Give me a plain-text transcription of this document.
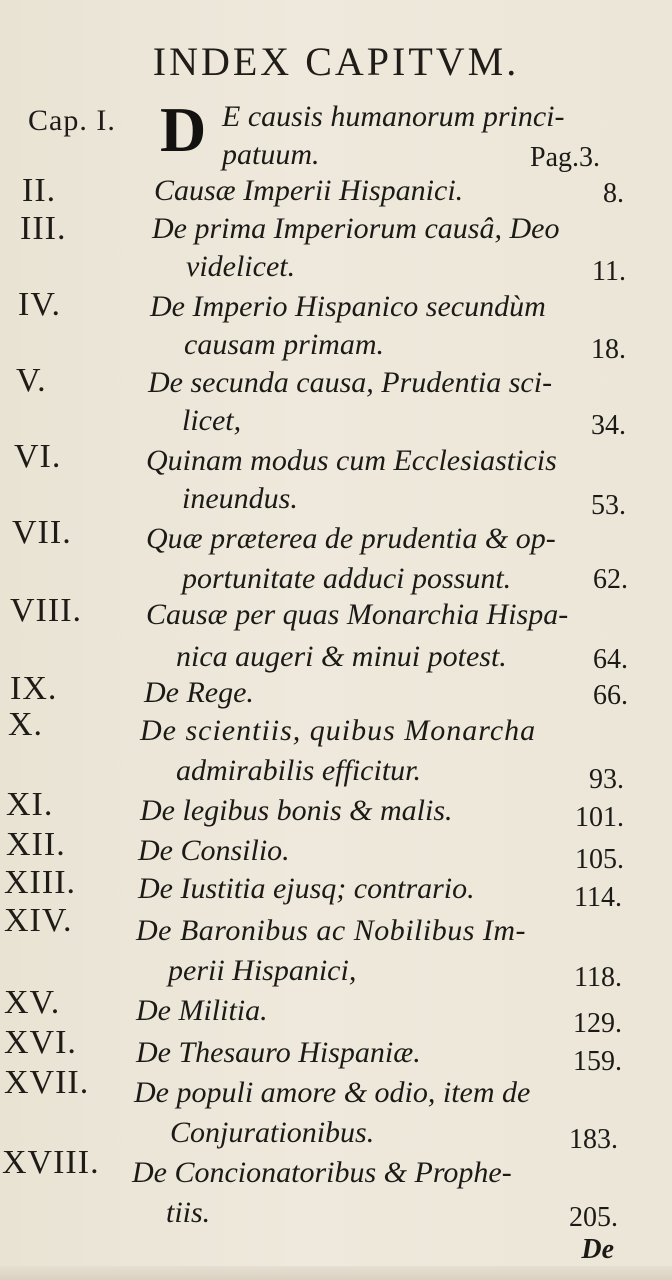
INDEX CAPITVM.
Cap. I. D E causis humanorum princi-
patuum.	Pag.3.
II.	Causæ Imperii Hispanici.	8.
III.	De prima Imperiorum causâ, Deo
videlicet.	11.
IV.	De Imperio Hispanico secundùm
causam primam.	18.
V.	De secunda causa, Prudentia sci-
licet,	34.
VI.	Quinam modus cum Ecclesiasticis
ineundus.	53.
VII. Quæ præterea de prudentia & op-
portunitate adduci possunt.	62.
VIII. Causæ per quas Monarchia Hispa-
nica augeri & minui potest.	64.
IX.	De Rege.	66.
X.	De scientiis, quibus Monarcha
admirabilis efficitur.	93.
XI.	De legibus bonis & malis.	101.
XII. De Consilio.	105.
XIII. De Iustitia ejusq; contrario.	114.
XIV. De Baronibus ac Nobilibus Im-
perii Hispanici,	118.
XV.	De Militia.	129.
XVI. De Thesauro Hispaniæ.	159.
XVII. De populi amore & odio, item de
Conjurationibus.	183.
XVIII. De Concionatoribus & Prophe-
tiis.	205.
De
